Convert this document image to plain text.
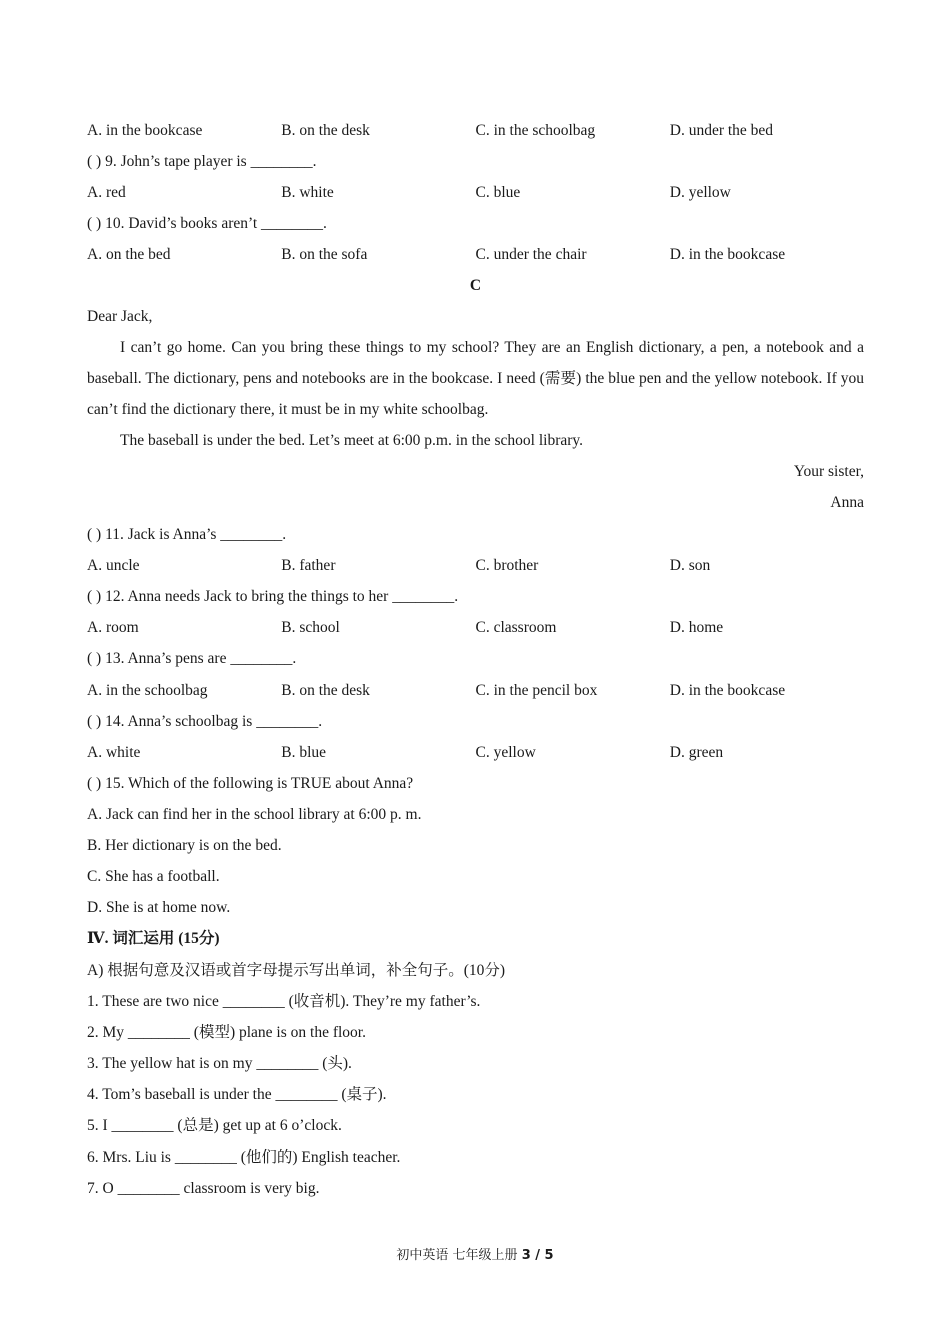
A. in the bookcase	B. on the desk	C. in the schoolbag	D. under the bed
( ) 9. John’s tape player is ________.
A. red	B. white	C. blue	D. yellow
( ) 10. David’s books aren’t ________.
A. on the bed	B. on the sofa	C. under the chair	D. in the bookcase
C
Dear Jack,

I can’t go home. Can you bring these things to my school? They are an English dictionary, a pen, a notebook and a baseball. The dictionary, pens and notebooks are in the bookcase. I need (需要) the blue pen and the yellow notebook. If you can’t find the dictionary there, it must be in my white schoolbag.

The baseball is under the bed. Let’s meet at 6:00 p.m. in the school library.

Your sister,
Anna
( ) 11. Jack is Anna’s ________.
A. uncle	B. father	C. brother	D. son
( ) 12. Anna needs Jack to bring the things to her ________.
A. room	B. school	C. classroom	D. home
( ) 13. Anna’s pens are ________.
A. in the schoolbag	B. on the desk	C. in the pencil box	D. in the bookcase
( ) 14. Anna’s schoolbag is ________.
A. white	B. blue	C. yellow	D. green
( ) 15. Which of the following is TRUE about Anna?
A. Jack can find her in the school library at 6:00 p. m.
B. Her dictionary is on the bed.
C. She has a football.
D. She is at home now.
Ⅳ. 词汇运用 (15分)
A) 根据句意及汉语或首字母提示写出单词，补全句子。(10分)
1. These are two nice ________ (收音机). They’re my father’s.
2. My ________ (模型) plane is on the floor.
3. The yellow hat is on my ________ (头).
4. Tom’s baseball is under the ________ (桌子).
5. I ________ (总是) get up at 6 o’clock.
6. Mrs. Liu is ________ (他们的) English teacher.
7. O ________ classroom is very big.
初中英语 七年级上册 3 / 5
